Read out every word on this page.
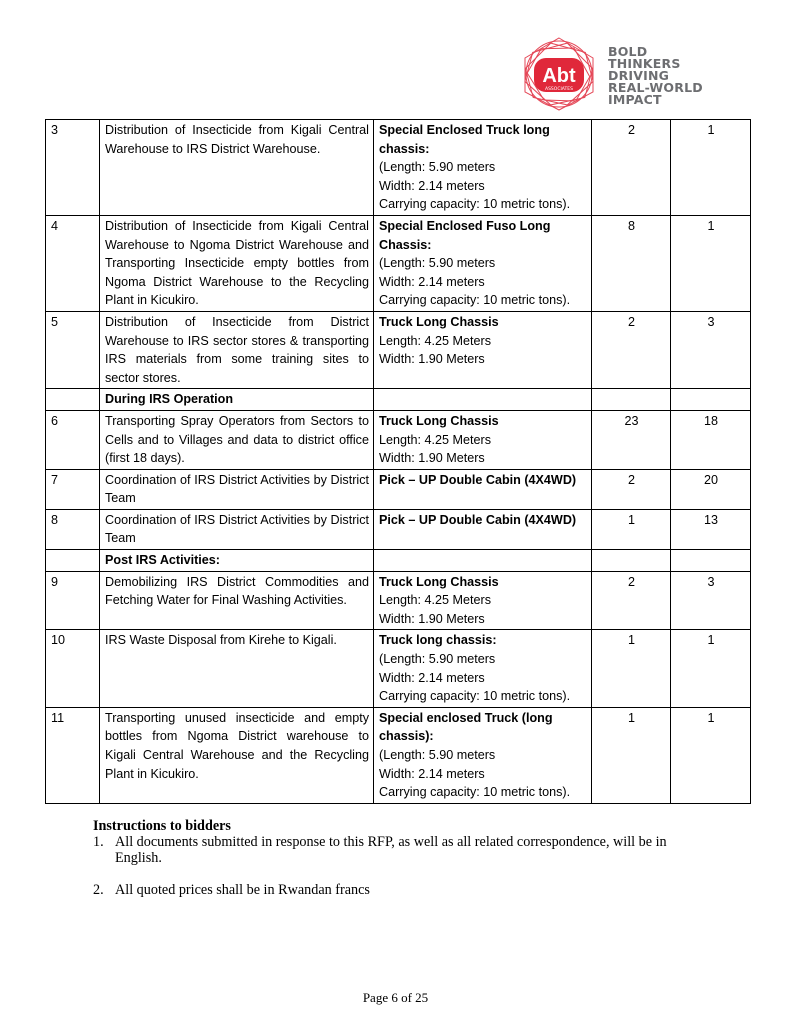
Abt
ASSOCIATES
BOLD
THINKERS
DRIVING
REAL-WORLD
IMPACT
3	Distribution of Insecticide from Kigali Central Warehouse to IRS District Warehouse.	Special Enclosed Truck long chassis:
(Length: 5.90 meters
Width: 2.14 meters
Carrying capacity: 10 metric tons).	2	1
4	Distribution of Insecticide from Kigali Central Warehouse to Ngoma District Warehouse and Transporting Insecticide empty bottles from Ngoma District Warehouse to the Recycling Plant in Kicukiro.	Special Enclosed Fuso Long Chassis:
(Length: 5.90 meters
Width: 2.14 meters
Carrying capacity: 10 metric tons).	8	1
5	Distribution of Insecticide from District Warehouse to IRS sector stores & transporting IRS materials from some training sites to sector stores.	Truck Long Chassis
Length: 4.25 Meters
Width: 1.90 Meters	2	3
	During IRS Operation			
6	Transporting Spray Operators from Sectors to Cells and to Villages and data to district office (first 18 days).	Truck Long Chassis
Length: 4.25 Meters
Width: 1.90 Meters	23	18
7	Coordination of IRS District Activities by District Team	Pick – UP Double Cabin (4X4WD)	2	20
8	Coordination of IRS District Activities by District Team	Pick – UP Double Cabin (4X4WD)	1	13
	Post IRS Activities:			
9	Demobilizing IRS District Commodities and Fetching Water for Final Washing Activities.	Truck Long Chassis
Length: 4.25 Meters
Width: 1.90 Meters	2	3
10	IRS Waste Disposal from Kirehe to Kigali.	Truck long chassis:
(Length: 5.90 meters
Width: 2.14 meters
Carrying capacity: 10 metric tons).	1	1
11	Transporting unused insecticide and empty bottles from Ngoma District warehouse to Kigali Central Warehouse and the Recycling Plant in Kicukiro.	Special enclosed Truck (long chassis):
(Length: 5.90 meters
Width: 2.14 meters
Carrying capacity: 10 metric tons).	1	1
Instructions to bidders
1. All documents submitted in response to this RFP, as well as all related correspondence, will be in English.
2. All quoted prices shall be in Rwandan francs
Page 6 of 25
